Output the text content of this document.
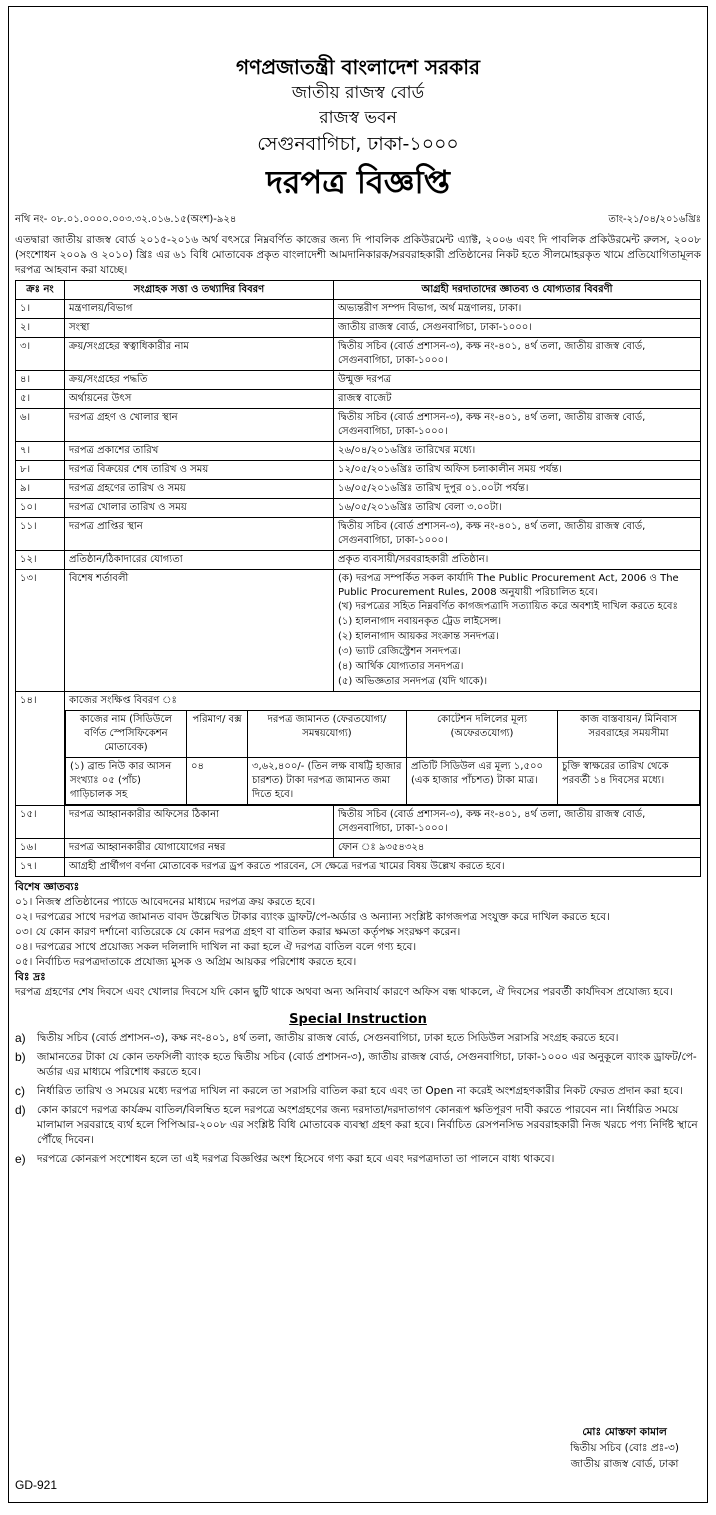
গণপ্রজাতন্ত্রী বাংলাদেশ সরকার
জাতীয় রাজস্ব বোর্ড
রাজস্ব ভবন
সেগুনবাগিচা, ঢাকা-১০০০
দরপত্র বিজ্ঞপ্তি
নথি নং- ০৮.০১.০০০০.০০৩.৩২.০১৬.১৫(অংশ)-৯২৪	তাং-২১/০৪/২০১৬খ্রিঃ
এতদ্বারা জাতীয় রাজস্ব বোর্ড ২০১৫-২০১৬ অর্থ বৎসরে নিম্নবর্ণিত কাজের জন্য দি পাবলিক প্রকিউরমেন্ট এ্যাক্ট, ২০০৬ এবং দি পাবলিক প্রকিউরমেন্ট রুলস, ২০০৮ (সংশোধন ২০০৯ ও ২০১০) খ্রিঃ এর ৬১ বিধি মোতাবেক প্রকৃত বাংলাদেশী আমদানিকারক/সরবরাহকারী প্রতিষ্ঠানের নিকট হতে সীলমোহরকৃত খামে প্রতিযোগিতামূলক দরপত্র আহবান করা যাচ্ছে।
ক্রঃ নং	সংগ্রাহক সত্তা ও তথ্যাদির বিবরণ	আগ্রহী দরদাতাদের জ্ঞাতব্য ও যোগ্যতার বিবরণী
১।	মন্ত্রণালয়/বিভাগ	অভ্যন্তরীণ সম্পদ বিভাগ, অর্থ মন্ত্রণালয়, ঢাকা।
২।	সংস্থা	জাতীয় রাজস্ব বোর্ড, সেগুনবাগিচা, ঢাকা-১০০০।
৩।	ক্রয়/সংগ্রহের স্বত্বাধিকারীর নাম	দ্বিতীয় সচিব (বোর্ড প্রশাসন-৩), কক্ষ নং-৪০১, ৪র্থ তলা, জাতীয় রাজস্ব বোর্ড, সেগুনবাগিচা, ঢাকা-১০০০।
৪।	ক্রয়/সংগ্রহের পদ্ধতি	উন্মুক্ত দরপত্র
৫।	অর্থায়নের উৎস	রাজস্ব বাজেট
৬।	দরপত্র গ্রহণ ও খোলার স্থান	দ্বিতীয় সচিব (বোর্ড প্রশাসন-৩), কক্ষ নং-৪০১, ৪র্থ তলা, জাতীয় রাজস্ব বোর্ড, সেগুনবাগিচা, ঢাকা-১০০০।
৭।	দরপত্র প্রকাশের তারিখ	২৬/০৪/২০১৬খ্রিঃ তারিখের মধ্যে।
৮।	দরপত্র বিক্রয়ের শেষ তারিখ ও সময়	১২/০৫/২০১৬খ্রিঃ তারিখ অফিস চলাকালীন সময় পর্যন্ত।
৯।	দরপত্র গ্রহণের তারিখ ও সময়	১৬/০৫/২০১৬খ্রিঃ তারিখ দুপুর ০১.০০টা পর্যন্ত।
১০।	দরপত্র খোলার তারিখ ও সময়	১৬/০৫/২০১৬খ্রিঃ তারিখ বেলা ৩.০০টা।
১১।	দরপত্র প্রাপ্তির স্থান	দ্বিতীয় সচিব (বোর্ড প্রশাসন-৩), কক্ষ নং-৪০১, ৪র্থ তলা, জাতীয় রাজস্ব বোর্ড, সেগুনবাগিচা, ঢাকা-১০০০।
১২।	প্রতিষ্ঠান/ঠিকাদারের যোগ্যতা	প্রকৃত ব্যবসায়ী/সরবরাহকারী প্রতিষ্ঠান।
১৩।	বিশেষ শর্তাবলী	(ক) দরপত্র সম্পর্কিত সকল কার্যাদি The Public Procurement Act, 2006 ও The Public Procurement Rules, 2008 অনুযায়ী পরিচালিত হবে।
(খ) দরপত্রের সহিত নিম্নবর্ণিত কাগজপত্রাদি সত্যায়িত করে অবশ্যই দাখিল করতে হবেঃ
(১) হালনাগাদ নবায়নকৃত ট্রেড লাইসেন্স।
(২) হালনাগাদ আয়কর সংক্রান্ত সনদপত্র।
(৩) ভ্যাট রেজিস্ট্রেশন সনদপত্র।
(৪) আর্থিক যোগ্যতার সনদপত্র।
(৫) অভিজ্ঞতার সনদপত্র (যদি থাকে)।

১৪।	কাজের সংক্ষিপ্ত বিবরণ ঃ

কাজের নাম (সিডিউলে বর্ণিত স্পেসিফিকেশন মোতাবেক)	পরিমাণ/ বক্স	দরপত্র জামানত (ফেরতযোগ্য/সমন্বয়যোগ্য)	কোটেশন দলিলের মূল্য (অফেরতযোগ্য)	কাজ বাস্তবায়ন/ মিনিবাস সরবরাহের সময়সীমা
(১) ব্রান্ড নিউ কার আসন সংখ্যাঃ ০৫ (পাঁচ) গাড়িচালক সহ	০৪	৩,৬২,৪০০/- (তিন লক্ষ বাষট্টি হাজার চারশত) টাকা দরপত্র জামানত জমা দিতে হবে।	প্রতিটি সিডিউল এর মূল্য ১,৫০০ (এক হাজার পাঁচশত) টাকা মাত্র।	চুক্তি স্বাক্ষরের তারিখ থেকে পরবর্তী ১৪ দিবসের মধ্যে।

১৫।	দরপত্র আহ্বানকারীর অফিসের ঠিকানা	দ্বিতীয় সচিব (বোর্ড প্রশাসন-৩), কক্ষ নং-৪০১, ৪র্থ তলা, জাতীয় রাজস্ব বোর্ড, সেগুনবাগিচা, ঢাকা-১০০০।
১৬।	দরপত্র আহ্বানকারীর যোগাযোগের নম্বর	ফোন ঃ ৯৩৫৪৩২৪
১৭।	আগ্রহী প্রার্থীগণ বর্ণনা মোতাবেক দরপত্র ড্রপ করতে পারবেন, সে ক্ষেত্রে দরপত্র খামের বিষয় উল্লেখ করতে হবে।
বিশেষ জ্ঞাতব্যঃ
০১। নিজস্ব প্রতিষ্ঠানের প্যাডে আবেদনের মাধ্যমে দরপত্র ক্রয় করতে হবে।
০২। দরপত্রের সাথে দরপত্র জামানত বাবদ উল্লেখিত টাকার ব্যাংক ড্রাফট/পে-অর্ডার ও অন্যান্য সংশ্লিষ্ট কাগজপত্র সংযুক্ত করে দাখিল করতে হবে।
০৩। যে কোন কারণ দর্শানো ব্যতিরেকে যে কোন দরপত্র গ্রহণ বা বাতিল করার ক্ষমতা কর্তৃপক্ষ সংরক্ষণ করেন।
০৪। দরপত্রের সাথে প্রয়োজ্য সকল দলিলাদি দাখিল না করা হলে ঐ দরপত্র বাতিল বলে গণ্য হবে।
০৫। নির্বাচিত দরপত্রদাতাকে প্রযোজ্য মুসক ও অগ্রিম আয়কর পরিশোধ করতে হবে।
বিঃ দ্রঃ
দরপত্র গ্রহণের শেষ দিবসে এবং খোলার দিবসে যদি কোন ছুটি থাকে অথবা অন্য অনিবার্য কারণে অফিস বন্ধ থাকলে, ঐ দিবসের পরবর্তী কার্যদিবস প্রযোজ্য হবে।
Special Instruction
a)	দ্বিতীয় সচিব (বোর্ড প্রশাসন-৩), কক্ষ নং-৪০১, ৪র্থ তলা, জাতীয় রাজস্ব বোর্ড, সেগুনবাগিচা, ঢাকা হতে সিডিউল সরাসরি সংগ্রহ করতে হবে।
b)	জামানতের টাকা যে কোন তফসিলী ব্যাংক হতে দ্বিতীয় সচিব (বোর্ড প্রশাসন-৩), জাতীয় রাজস্ব বোর্ড, সেগুনবাগিচা, ঢাকা-১০০০ এর অনুকূলে ব্যাংক ড্রাফট/পে-অর্ডার এর মাধ্যমে পরিশোধ করতে হবে।
c)	নির্ধারিত তারিখ ও সময়ের মধ্যে দরপত্র দাখিল না করলে তা সরাসরি বাতিল করা হবে এবং তা Open না করেই অংশগ্রহণকারীর নিকট ফেরত প্রদান করা হবে।
d)	কোন কারণে দরপত্র কার্যক্রম বাতিল/বিলম্বিত হলে দরপত্রে অংশগ্রহণের জন্য দরদাতা/দরদাতাগণ কোনরূপ ক্ষতিপূরণ দাবী করতে পারবেন না। নির্ধারিত সময়ে মালামাল সরবরাহে ব্যর্থ হলে পিপিআর-২০০৮ এর সংশ্লিষ্ট বিধি মোতাবেক ব্যবস্থা গ্রহণ করা হবে। নির্বাচিত রেসপনসিভ সরবরাহকারী নিজ খরচে পণ্য নির্দিষ্ট স্থানে পৌঁছে দিবেন।
e)	দরপত্রে কোনরূপ সংশোধন হলে তা এই দরপত্র বিজ্ঞপ্তির অংশ হিসেবে গণ্য করা হবে এবং দরপত্রদাতা তা পালনে বাধ্য থাকবে।
মোঃ মোস্তফা কামাল
দ্বিতীয় সচিব (বোঃ প্রঃ-৩)
জাতীয় রাজস্ব বোর্ড, ঢাকা
GD-921
